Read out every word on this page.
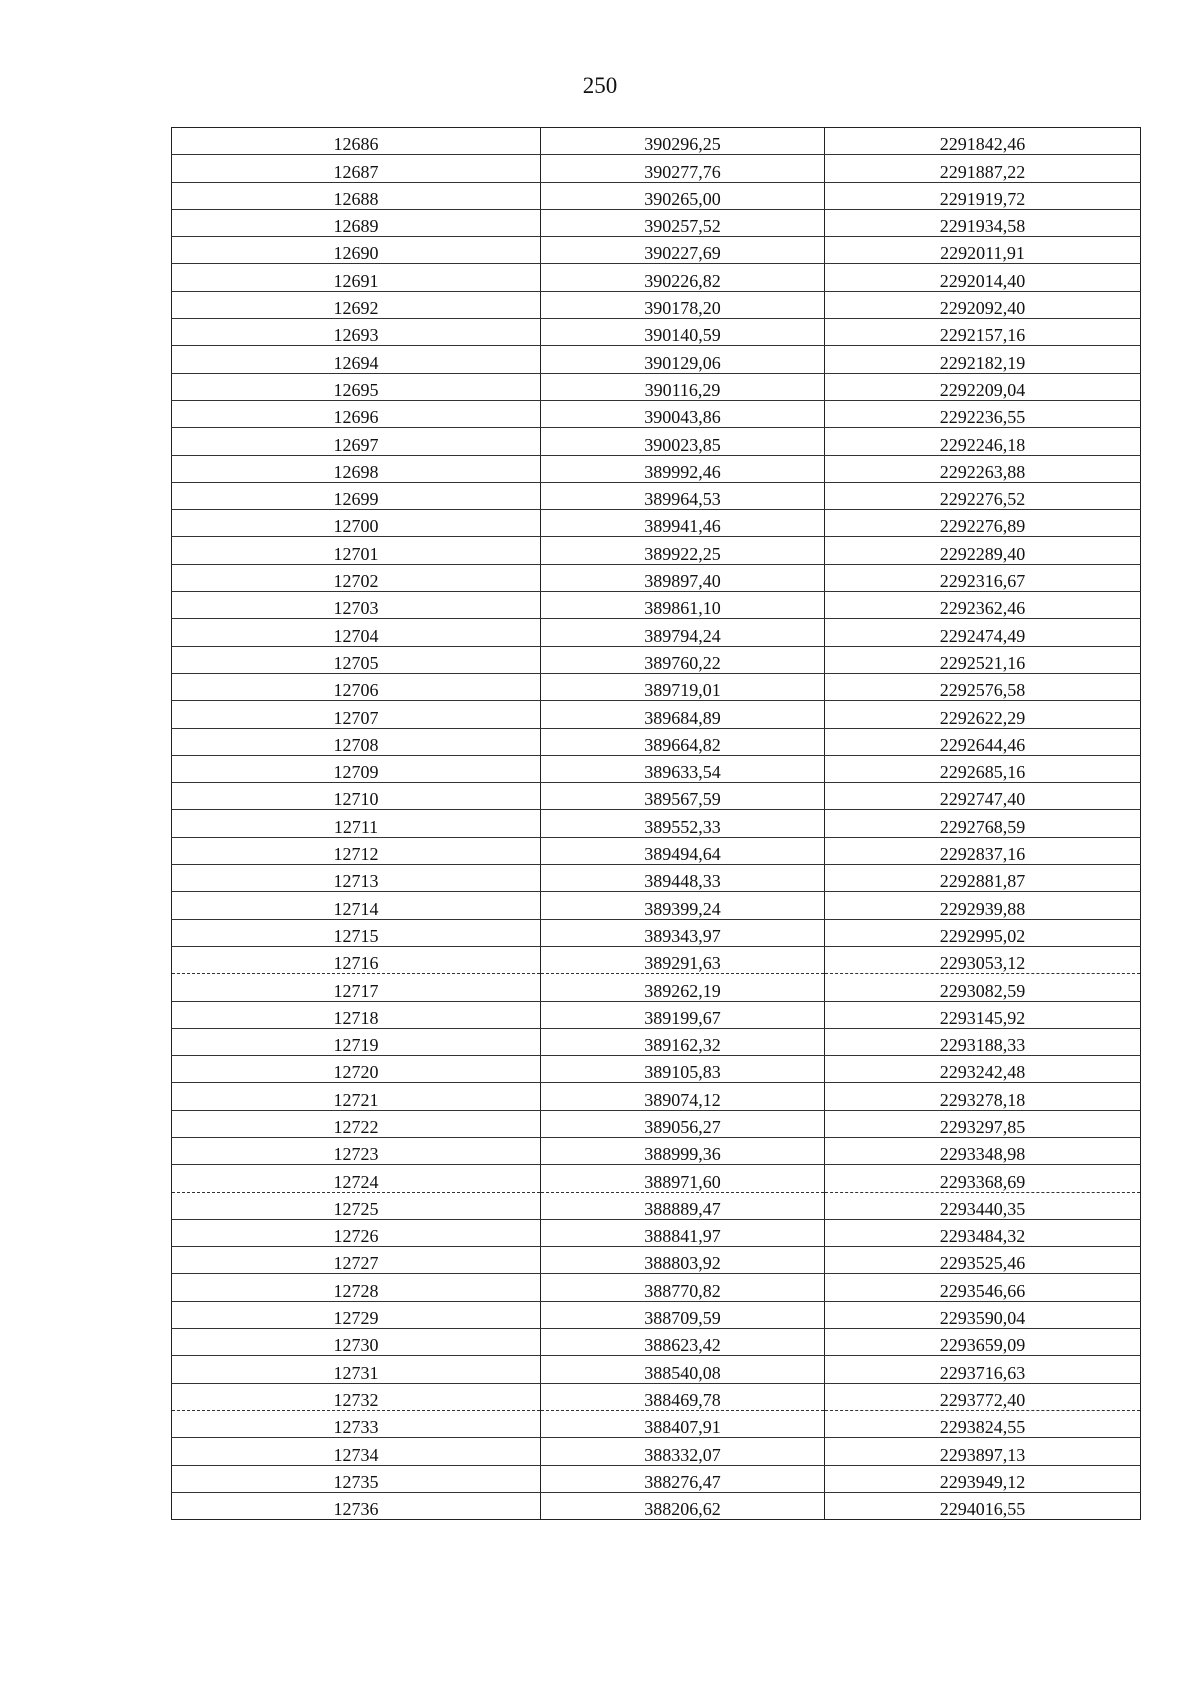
250
12686	390296,25	2291842,46
12687	390277,76	2291887,22
12688	390265,00	2291919,72
12689	390257,52	2291934,58
12690	390227,69	2292011,91
12691	390226,82	2292014,40
12692	390178,20	2292092,40
12693	390140,59	2292157,16
12694	390129,06	2292182,19
12695	390116,29	2292209,04
12696	390043,86	2292236,55
12697	390023,85	2292246,18
12698	389992,46	2292263,88
12699	389964,53	2292276,52
12700	389941,46	2292276,89
12701	389922,25	2292289,40
12702	389897,40	2292316,67
12703	389861,10	2292362,46
12704	389794,24	2292474,49
12705	389760,22	2292521,16
12706	389719,01	2292576,58
12707	389684,89	2292622,29
12708	389664,82	2292644,46
12709	389633,54	2292685,16
12710	389567,59	2292747,40
12711	389552,33	2292768,59
12712	389494,64	2292837,16
12713	389448,33	2292881,87
12714	389399,24	2292939,88
12715	389343,97	2292995,02
12716	389291,63	2293053,12
12717	389262,19	2293082,59
12718	389199,67	2293145,92
12719	389162,32	2293188,33
12720	389105,83	2293242,48
12721	389074,12	2293278,18
12722	389056,27	2293297,85
12723	388999,36	2293348,98
12724	388971,60	2293368,69
12725	388889,47	2293440,35
12726	388841,97	2293484,32
12727	388803,92	2293525,46
12728	388770,82	2293546,66
12729	388709,59	2293590,04
12730	388623,42	2293659,09
12731	388540,08	2293716,63
12732	388469,78	2293772,40
12733	388407,91	2293824,55
12734	388332,07	2293897,13
12735	388276,47	2293949,12
12736	388206,62	2294016,55
